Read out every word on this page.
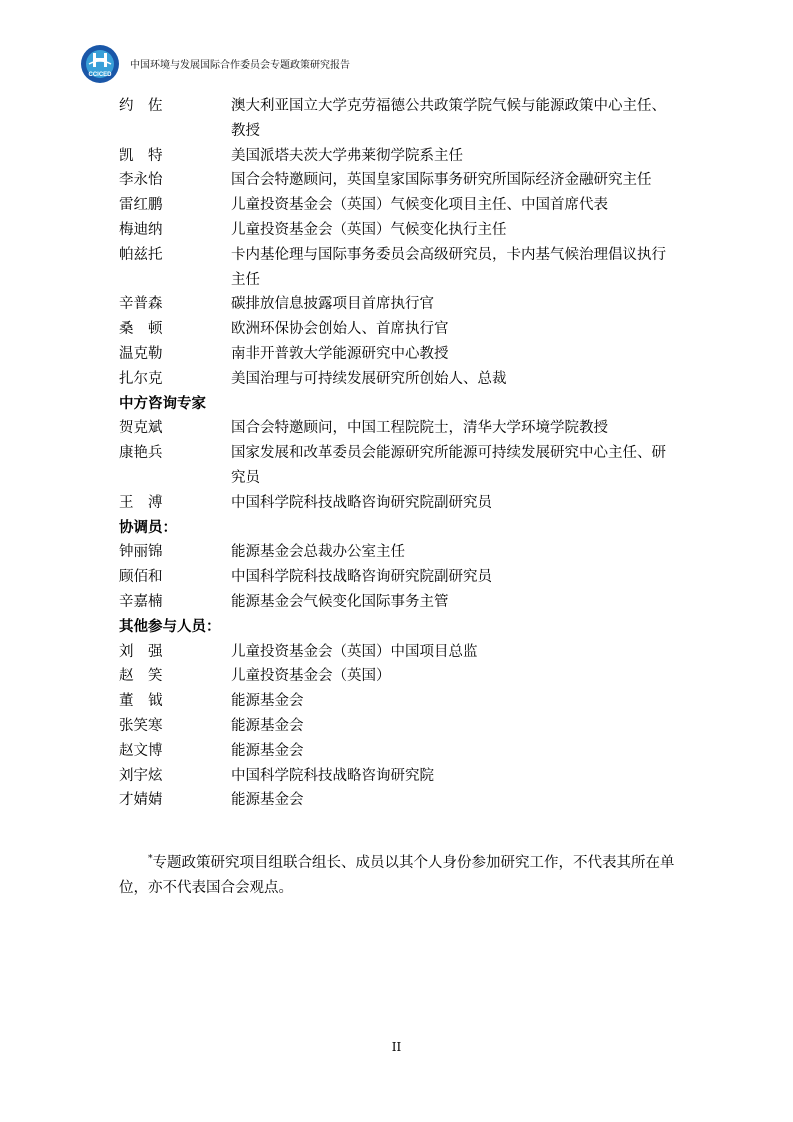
CCICED
中国环境与发展国际合作委员会专题政策研究报告
约　佐	澳大利亚国立大学克劳福德公共政策学院气候与能源政策中心主任、教授
凯　特	美国派塔夫茨大学弗莱彻学院系主任
李永怡	国合会特邀顾问，英国皇家国际事务研究所国际经济金融研究主任
雷红鹏	儿童投资基金会（英国）气候变化项目主任、中国首席代表
梅迪纳	儿童投资基金会（英国）气候变化执行主任
帕兹托	卡内基伦理与国际事务委员会高级研究员，卡内基气候治理倡议执行主任
辛普森	碳排放信息披露项目首席执行官
桑　顿	欧洲环保协会创始人、首席执行官
温克勒	南非开普敦大学能源研究中心教授
扎尔克	美国治理与可持续发展研究所创始人、总裁
中方咨询专家
贺克斌	国合会特邀顾问，中国工程院院士，清华大学环境学院教授
康艳兵	国家发展和改革委员会能源研究所能源可持续发展研究中心主任、研究员
王　溥	中国科学院科技战略咨询研究院副研究员
协调员：
钟丽锦	能源基金会总裁办公室主任
顾佰和	中国科学院科技战略咨询研究院副研究员
辛嘉楠	能源基金会气候变化国际事务主管
其他参与人员：
刘　强	儿童投资基金会（英国）中国项目总监
赵　笑	儿童投资基金会（英国）
董　钺	能源基金会
张笑寒	能源基金会
赵文博	能源基金会
刘宇炫	中国科学院科技战略咨询研究院
才婧婧	能源基金会
*专题政策研究项目组联合组长、成员以其个人身份参加研究工作，不代表其所在单位，亦不代表国合会观点。
II
